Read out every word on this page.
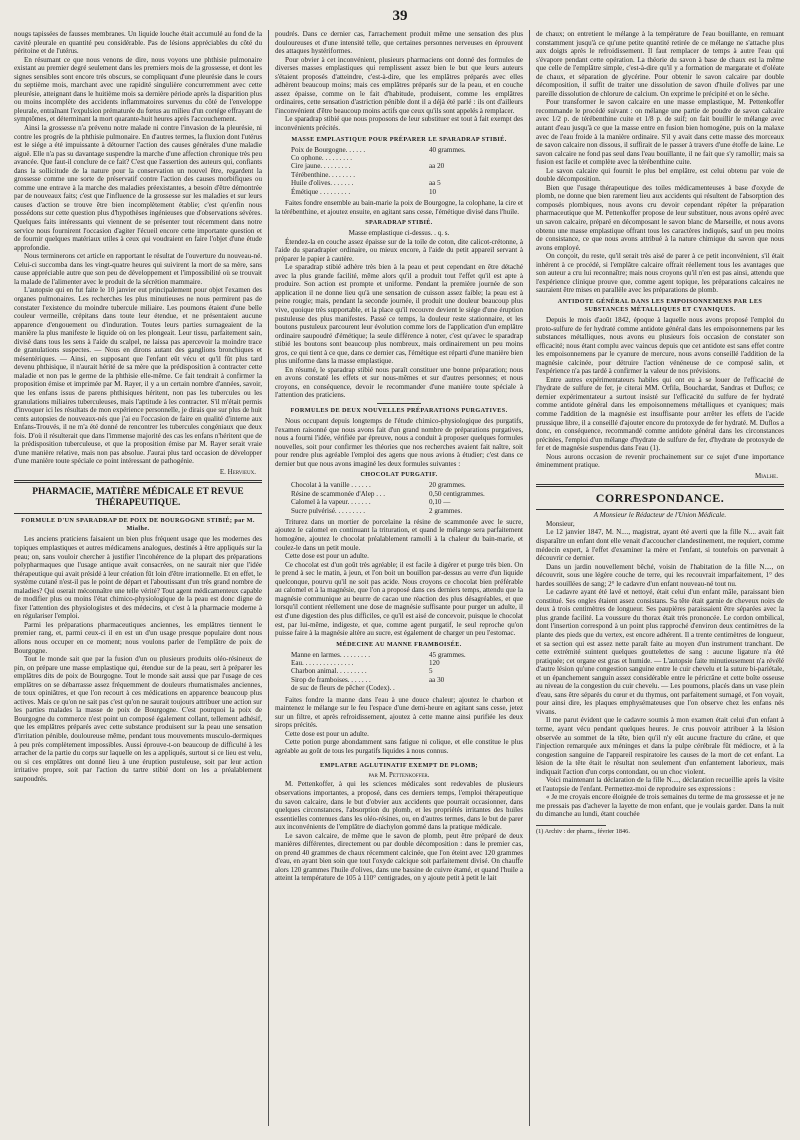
39

nougs tapissées de fausses membranes. Un liquide louche était accumulé au fond de la cavité pleurale en quantité peu considérable. Pas de lésions appréciables du côté du péritoine et de l'utérus.

En résumant ce que nous venons de dire, nous voyons une phthisie pulmonaire existant au premier degré seulement dans les premiers mois de la grossesse, et dont les signes sensibles sont encore très obscurs, se compliquant d'une pleurésie dans le cours du septième mois, marchant avec une rapidité singulière concurremment avec cette pleurésie, atteignant dans le huitième mois sa dernière période après la disparition plus ou moins incomplète des accidents inflammatoires survenus du côté de l'enveloppe pleurale, entraînant l'expulsion prématurée du fœtus au milieu d'un cortége effrayant de symptômes, et déterminant la mort quarante-huit heures après l'accouchement.

Ainsi la grossesse n'a prévenu notre malade ni contre l'invasion de la pleurésie, ni contre les progrès de la phthisie pulmonaire. En d'autres termes, la fluxion dont l'utérus est le siége a été impuissante à détourner l'action des causes générales d'une maladie aiguë. Elle n'a pas su davantage suspendre la marche d'une affection chronique très peu avancée. Que faut-il conclure de ce fait? C'est que l'assertion des auteurs qui, confiants dans la sollicitude de la nature pour la conservation un nouvel être, regardent la grossesse comme une sorte de préservatif contre l'action des causes morbifiques ou comme une entrave à la marche des maladies préexistantes, a besoin d'être démontrée par de nouveaux faits; c'est que l'influence de la grossesse sur les maladies et sur leurs causes d'action se trouve être bien incomplètement établie; c'est qu'enfin nous possédons sur cette question plus d'hypothèses ingénieuses que d'observations sévères. Quelques faits intéressants qui viennent de se présenter tout récemment dans notre service nous fournirent l'occasion d'agiter l'écueil encore cette importante question et de fournir quelques matériaux utiles à ceux qui voudraient en faire l'objet d'une étude approfondie.

Nous terminerons cet article en rapportant le résultat de l'ouverture du nouveau-né. Celui-ci succomba dans les vingt-quatre heures qui suivirent la mort de sa mère, sans cause appréciable autre que son peu de développement et l'impossibilité où se trouvait la malade de l'alimenter avec le produit de la sécrétion mammaire.

L'autopsie qui en fut faite le 10 janvier eut principalement pour objet l'examen des organes pulmonaires. Les recherches les plus minutieuses ne nous permirent pas de constater l'existence du moindre tubercule miliaire. Les poumons étaient d'une belle couleur vermeille, crépitans dans toute leur étendue, et ne présentaient aucune apparence d'engouement ou d'induration. Toutes leurs parties surnageaient de la manière la plus manifeste le liquide où on les plongeait. Leur tissu, parfaitement sain, divisé dans tous les sens à l'aide du scalpel, ne laissa pas apercevoir la moindre trace de granulations suspectes. — Nous en dirons autant des ganglions bronchiques et mésentériques. — Ainsi, en supposant que l'enfant eût vécu et qu'il fût plus tard devenu phthisique, il n'aurait hérité de sa mère que la prédisposition à contracter cette maladie et non pas le germe de la phthisie elle-même. Ce fait tendrait à confirmer la proposition émise et imprimée par M. Rayer, il y a un certain nombre d'années, savoir, que les enfans issus de parens phthisiques héritent, non pas les tubercules ou les granulations miliaires tuberculeuses, mais l'aptitude à les contracter. S'il m'était permis d'invoquer ici les résultats de mon expérience personnelle, je dirais que sur plus de huit cents autopsies de nouveaux-nés que j'ai eu l'occasion de faire en qualité d'interne aux Enfans-Trouvés, il ne m'a été donné de rencontrer les tubercules congéniaux que deux fois. D'où il résulterait que dans l'immense majorité des cas les enfans n'héritent que de la prédisposition tuberculeuse, et que la proposition émise par M. Rayer serait vraie d'une manière relative, mais non pas absolue. J'aurai plus tard occasion de développer d'une manière toute spéciale ce point intéressant de pathogénie.

E. Hervieux.
PHARMACIE, MATIÈRE MÉDICALE ET REVUE THÉRAPEUTIQUE.
FORMULE D'UN SPARADRAP DE POIX DE BOURGOGNE STIBIÉ; par M. Mialhe.

Les anciens praticiens faisaient un bien plus fréquent usage que les modernes des topiques emplastiques et autres médicamens analogues, destinés à être appliqués sur la peau; on, sans vouloir chercher à justifier l'incohérence de la plupart des préparations polypharmaques que l'usage antique avait consacrées, on ne saurait nier que l'idée thérapeutique qui avait présidé à leur création fût loin d'être irrationnelle. Et en effet, le système cutané n'est-il pas le point de départ et l'aboutissant d'un très grand nombre de maladies? Qui oserait méconnaître une telle vérité? Tout agent médicamenteux capable de modifier plus ou moins l'état chimico-physiologique de la peau est donc digne de fixer l'attention des physiologistes et des médecins, et c'est à la pharmacie moderne à en régulariser l'emploi.

Parmi les préparations pharmaceutiques anciennes, les emplâtres tiennent le premier rang, et, parmi ceux-ci il en est un d'un usage presque populaire dont nous allons nous occuper en ce moment; nous voulons parler de l'emplâtre de poix de Bourgogne.

Tout le monde sait que par la fusion d'un ou plusieurs produits oléo-résineux de pin, on prépare une masse emplastique qui, étendue sur de la peau, sert à préparer les emplâtres dits de poix de Bourgogne. Tout le monde sait aussi que par l'usage de ces emplâtres on se débarrasse assez fréquemment de douleurs rhumatismales anciennes, de toux opiniâtres, et que l'on recourt à ces médications en apparence beaucoup plus actives. Mais ce qu'on ne sait pas c'est qu'on ne saurait toujours attribuer une action sur les parties malades la masse de poix de Bourgogne. C'est pourquoi la poix de Bourgogne du commerce n'est point un composé également collant, tellement adhésif, que les emplâtres préparés avec cette substance produisent sur la peau une sensation d'irritation pénible, douloureuse même, pendant tous mouvements musculo-dermiques à peu près complètement impossibles. Aussi éprouve-t-on beaucoup de difficulté à les arracher de la partie du corps sur laquelle on les a appliqués, surtout si ce lieu est velu, ou si ces emplâtres ont donné lieu à une éruption pustuleuse, soit par leur action irritative propre, soit par l'action du tartre stibié dont on les a préalablement saupoudrés.

poudrés. Dans ce dernier cas, l'arrachement produit même une sensation des plus douloureuses et d'une intensité telle, que certaines personnes nerveuses en éprouvent des attaques hystériformes.

Pour obvier à cet inconvénient, plusieurs pharmaciens ont donné des formules de diverses masses emplastiques qui remplissent assez bien le but que leurs auteurs s'étaient proposés d'atteindre, c'est-à-dire, que les emplâtres préparés avec elles adhèrent beaucoup moins; mais ces emplâtres préparés sur de la peau, et en couche assez épaisse, comme on le fait d'habitude, produisent, comme les emplâtres ordinaires, cette sensation d'astriction pénible dont il a déjà été parlé : ils ont d'ailleurs l'inconvénient d'être beaucoup moins actifs que ceux qu'ils sont appelés à remplacer.

Le sparadrap stibié que nous proposons de leur substituer est tout à fait exempt des inconvénients précités.

MASSE EMPLASTIQUE POUR PRÉPARER LE SPARADRAP STIBIÉ.
Poix de Bourgogne. . . . . .	40 grammes.
Co ophone. . . . . . . . .
Cire jaune. . . . . . . . .	aa 20
Térébenthine. . . . . . . .
Huile d'olives. . . . . . .	aa 5
Émétique . . . . . . . . .	10

Faites fondre ensemble au bain-marie la poix de Bourgogne, la colophane, la cire et la térébenthine, et ajoutez ensuite, en agitant sans cesse, l'émétique divisé dans l'huile.

SPARADRAP STIBIÉ.

Masse emplastique ci-dessus. . q. s.

Étendez-la en couche assez épaisse sur de la toile de coton, dite calicot-crétonne, à l'aide du sparadrapier ordinaire, ou mieux encore, à l'aide du petit appareil servant à préparer le papier à cautère.

Le sparadrap stibié adhère très bien à la peau et peut cependant en être détaché avec la plus grande facilité, même alors qu'il a produit tout l'effet qu'il est apte à produire. Son action est prompte et uniforme. Pendant la première journée de son application il ne donne lieu qu'à une sensation de cuisson assez faible; la peau est à peine rougie; mais, pendant la seconde journée, il produit une douleur beaucoup plus vive, quoique très supportable, et la place qu'il recouvre devient le siége d'une éruption pustuleuse des plus manifestes. Passé ce temps, la douleur reste stationnaire, et les boutons pustuleux parcourent leur évolution comme lors de l'application d'un emplâtre ordinaire saupoudré d'émétique; la seule différence à noter, c'est qu'avec le sparadrap stibié les boutons sont beaucoup plus nombreux, mais ordinairement un peu moins gros, ce qui tient à ce que, dans ce dernier cas, l'émétique est réparti d'une manière bien plus uniforme dans la masse emplastique.

En résumé, le sparadrap stibié nous paraît constituer une bonne préparation; nous en avons constaté les effets et sur nous-mêmes et sur d'autres personnes; et nous croyons, en conséquence, devoir le recommander d'une manière toute spéciale à l'attention des praticiens.

FORMULES DE DEUX NOUVELLES PRÉPARATIONS PURGATIVES.

Nous occupant depuis longtemps de l'étude chimico-physiologique des purgatifs, l'examen raisonné que nous avons fait d'un grand nombre de préparations purgatives, nous a fourni l'idée, vérifiée par épreuve, nous a conduit à proposer quelques formules nouvelles, soit pour confirmer les théories que nos recherches avaient fait naître, soit pour rendre plus agréable l'emploi des agens que nous avions à étudier; c'est dans ce dernier but que nous avons imaginé les deux formules suivantes :

CHOCOLAT PURGATIF.
Chocolat à la vanille . . . . . .	20 grammes.
Résine de scammonée d'Alep . . .	0,50 centigrammes.
Calomel à la vapeur. . . . . . .	0,10 —
Sucre pulvérisé. . . . . . . . .	2 grammes.

Triturez dans un mortier de porcelaine la résine de scammonée avec le sucre, ajoutez le calomel en continuant la trituration, et quand le mélange sera parfaitement homogène, ajoutez le chocolat préalablement ramolli à la chaleur du bain-marie, et coulez-le dans un petit moule.

Cette dose est pour un adulte.

Ce chocolat est d'un goût très agréable; il est facile à digérer et purge très bien. On le prend à sec le matin, à jeun, et l'on boit un bouillon par-dessus au verre d'un liquide quelconque, pourvu qu'il ne soit pas acide. Nous croyons ce chocolat bien préférable au calomel et à la magnésie, que l'on a proposé dans ces derniers temps, attendu que la magnésie communique au beurre de cacao une réaction des plus désagréables, et que lorsqu'il contient réellement une dose de magnésie suffisante pour purger un adulte, il est d'une digestion des plus difficiles, ce qu'il est aisé de concevoir, puisque le chocolat est, par lui-même, indigeste, et que, comme agent purgatif, le seul reproche qu'on puisse faire à la magnésie altère au sucre, est également de charger un peu l'estomac.

MÉDECINE AU MANNE FRAMBOISÉE.
Manne en larmes. . . . . . . . .	45 grammes.
Eau. . . . . . . . . . . . . . .	120
Charbon animal. . . . . . . . .	5
Sirop de framboises. . . . . . .	aa 30
de suc de fleurs de pêcher (Codex). .

Faites fondre la manne dans l'eau à une douce chaleur; ajoutez le charbon et maintenez le mélange sur le feu l'espace d'une demi-heure en agitant sans cesse, jetez sur un filtre, et après refroidissement, ajoutez à cette manne ainsi purifiée les deux sirops précités.

Cette dose est pour un adulte.

Cette potion purge abondamment sans fatigue ni colique, et elle constitue le plus agréable au goût de tous les purgatifs liquides à nous connus.

EMPLATRE AGLUTINATIF EXEMPT DE PLOMB;
par M. Pettenkoffer.

M. Pettenkoffer, à qui les sciences médicales sont redevables de plusieurs observations importantes, a proposé, dans ces derniers temps, l'emploi thérapeutique du savon calcaire, dans le but d'obvier aux accidents que pourrait occasionner, dans quelques circonstances, l'absorption du plomb, et les propriétés irritantes des huiles essentielles contenues dans les oléo-résines, ou, en d'autres termes, dans le but de parer aux inconvénients de l'emplâtre de diachylon gommé dans la pratique médicale.

Le savon calcaire, de même que le savon de plomb, peut être préparé de deux manières différentes, directement ou par double décomposition : dans le premier cas, on prend 40 grammes de chaux récemment calcinée, que l'on éteint avec 120 grammes d'eau, en ayant bien soin que tout l'oxyde calcique soit parfaitement divisé. On chauffe alors 120 grammes l'huile d'olives, dans une bassine de cuivre étamé, et quand l'huile a atteint la température de 105 à 110° centigrades, on y ajoute petit à petit le lait

de chaux; on entretient le mélange à la température de l'eau bouillante, en remuant constamment jusqu'à ce qu'une petite quantité retirée de ce mélange ne s'attache plus aux doigts après le refroidissement. Il faut remplacer de temps à autre l'eau qui s'évapore pendant cette opération. La théorie du savon à base de chaux est la même que celle de l'emplâtre simple, c'est-à-dire qu'il y a formation de margarate et d'oléate de chaux, et séparation de glycérine. Pour obtenir le savon calcaire par double décomposition, il suffit de traiter une dissolution de savon d'huile d'olives par une pareille dissolution de chlorure de calcium. On exprime le précipité et on le sèche.

Pour transformer le savon calcaire en une masse emplastique, M. Pettenkoffer recommande le procédé suivant : on mélange une partie de poudre de savon calcaire avec 1/2 p. de térébenthine cuite et 1/8 p. de suif; on fait bouillir le mélange avec autant d'eau jusqu'à ce que la masse entre en fusion bien homogène, puis on la malaxe avec de l'eau froide à la manière ordinaire. S'il y avait dans cette masse des morceaux de savon calcaire non dissous, il suffirait de le passer à travers d'une étoffe de laine. Le savon calcaire ne fond pas seul dans l'eau bouillante, il ne fait que s'y ramollir; mais sa fusion est facile et complète avec la térébenthine cuite.

Le savon calcaire qui fournit le plus bel emplâtre, est celui obtenu par voie de double décomposition.

Bien que l'usage thérapeutique des toiles médicamenteuses à base d'oxyde de plomb, ne donne que bien rarement lieu aux accidents qui résultent de l'absorption des composés plombiques, nous avons cru devoir cependant répéter la préparation pharmaceutique que M. Pettenkoffer propose de leur substituer, nous avons opéré avec un savon calcaire, préparé en décomposant le savon blanc de Marseille, et nous avons obtenu une masse emplastique offrant tous les caractères indiqués, sauf un peu moins de consistance, ce que nous avons attribué à la nature chimique du savon que nous avons employé.

On conçoit, du reste, qu'il serait très aisé de parer à ce petit inconvénient, s'il était inhérent à ce procédé, si l'emplâtre calcaire offrait réellement tous les avantages que son auteur a cru lui reconnaître; mais nous croyons qu'il n'en est pas ainsi, attendu que l'expérience clinique prouve que, comme agent topique, les préparations calcaires ne sauraient être mises en parallèle avec les préparations de plomb.

ANTIDOTE GÉNÉRAL DANS LES EMPOISONNEMENS PAR LES SUBSTANCES MÉTALLIQUES ET CYANIQUES.

Depuis le mois d'août 1842, époque à laquelle nous avons proposé l'emploi du proto-sulfure de fer hydraté comme antidote général dans les empoisonnemens par les substances métalliques, nous avons eu plusieurs fois occasion de constater son efficacité; nous étant complu avec vaincus depuis que cet antidote est sans effet contre les empoisonnemens par le cyanure de mercure, nous avons conseillé l'addition de la magnésie calcinée, pour détruire l'action vénéneuse de ce composé salin, et l'expérience n'a pas tardé à confirmer la valeur de nos prévisions.

Entre autres expérimentateurs habiles qui ont eu à se louer de l'efficacité de l'hydrate de sulfure de fer, je citerai MM. Orfila, Bouchardat, Sandras et Duflos; ce dernier expérimentateur a surtout insisté sur l'efficacité du sulfure de fer hydraté comme antidote général dans les empoisonnemens métalliques et cyaniques; mais comme l'addition de la magnésie est insuffisante pour arrêter les effets de l'acide prussique libre, il a conseillé d'ajouter encore du protoxyde de fer hydraté. M. Duflos a donc, en conséquence, recommandé comme antidote général dans les circonstances précitées, l'emploi d'un mélange d'hydrate de sulfure de fer, d'hydrate de protoxyde de fer et de magnésie suspendus dans l'eau (1).

Nous aurons occasion de revenir prochainement sur ce sujet d'une importance éminemment pratique.

Mialhe.
CORRESPONDANCE.

A Monsieur le Rédacteur de l'Union Médicale.

Monsieur,

Le 12 janvier 1847, M. N...., magistrat, ayant été averti que la fille N.... avait fait disparaître un enfant dont elle venait d'accoucher clandestinement, me requiert, comme médecin expert, à l'effet d'examiner la mère et l'enfant, si toutefois on parvenait à découvrir ce dernier.

Dans un jardin nouvellement bêché, voisin de l'habitation de la fille N...., on découvrit, sous une légère couche de terre, qui les recouvrait imparfaitement, 1° des hardes souillées de sang; 2° le cadavre d'un enfant nouveau-né tout nu.

Le cadavre ayant été lavé et nettoyé, était celui d'un enfant mâle, paraissant bien constitué. Ses ongles étaient assez consistans. Sa tête était garnie de cheveux noirs de deux à trois centimètres de longueur. Ses paupières paraissaient être séparées avec la plus grande facilité. La voussure du thorax était très prononcée. Le cordon ombilical, dont l'insertion correspond à un point plus rapproché d'environ deux centimètres de la plante des pieds que du vertex, est encore adhérent. Il a trente centimètres de longueur, et sa section qui est assez nette paraît faite au moyen d'un instrument tranchant. De cette extrémité suintent quelques gouttelettes de sang : aucune ligature n'a été pratiquée; cet organe est gras et humide. — L'autopsie faite minutieusement n'a révélé d'autre lésion qu'une congestion sanguine entre le cuir chevelu et la suture bi-pariétale, et un épanchement sanguin assez considérable entre le péricrâne et cette boîte osseuse au niveau de la congestion du cuir chevelu. — Les poumons, placés dans un vase plein d'eau, sans être séparés du cœur et du thymus, ont parfaitement surnagé, et l'on voyait, pour ainsi dire, les plaques emphysémateuses que l'on observe chez les enfans nés vivans.

Il me parut évident que le cadavre soumis à mon examen était celui d'un enfant à terme, ayant vécu pendant quelques heures. Je crus pouvoir attribuer à la lésion observée au sommet de la tête, bien qu'il n'y eût aucune fracture du crâne, et que l'injection remarquée aux méninges et dans la pulpe cérébrale fût médiocre, et à la congestion sanguine de l'appareil respiratoire les causes de la mort de cet enfant. La lésion de la tête était le résultat non seulement d'un enfantement laborieux, mais indiquait l'action d'un corps contondant, ou un choc violent.

Voici maintenant la déclaration de la fille N...., déclaration recueillie après la visite et l'autopsie de l'enfant. Permettez-moi de reproduire ses expressions :

« Je me croyais encore éloignée de trois semaines du terme de ma grossesse et je ne me pressais pas d'achever la layette de mon enfant, que je voulais garder. Dans la nuit du dimanche au lundi, étant couchée

(1) Archiv : der pharm., février 1846.
